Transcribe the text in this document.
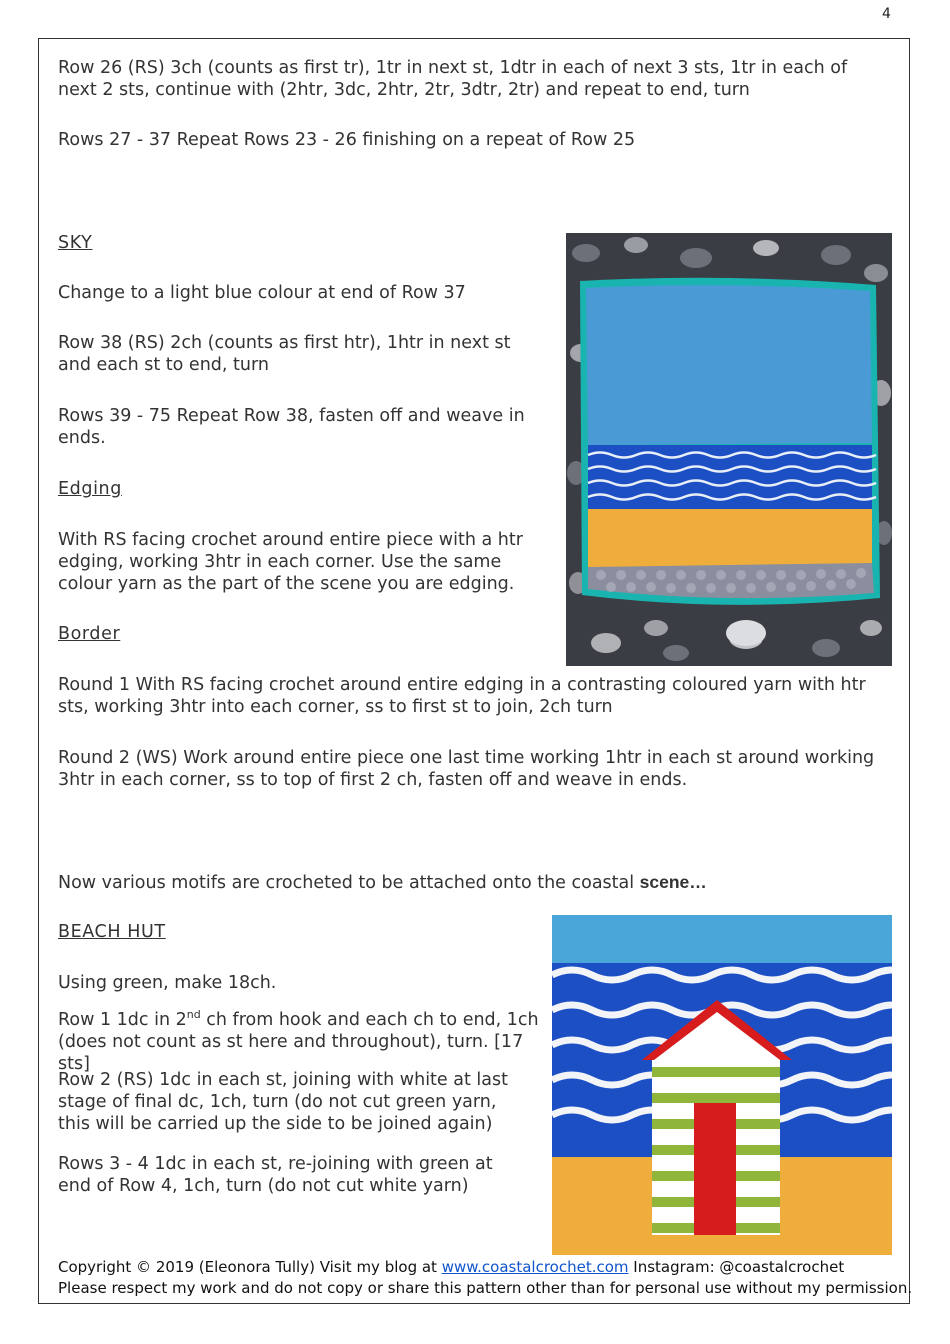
4

Row 26 (RS) 3ch (counts as first tr), 1tr in next st, 1dtr in each of next 3 sts, 1tr in each of next 2 sts, continue with (2htr, 3dc, 2htr, 2tr, 3dtr, 2tr) and repeat to end, turn

Rows 27 - 37 Repeat Rows 23 - 26 finishing on a repeat of Row 25

SKY

Change to a light blue colour at end of Row 37

Row 38 (RS) 2ch (counts as first htr), 1htr in next st and each st to end, turn

Rows 39 - 75 Repeat Row 38, fasten off and weave in ends.

Edging

With RS facing crochet around entire piece with a htr edging, working 3htr in each corner. Use the same colour yarn as the part of the scene you are edging.

Border

Round 1 With RS facing crochet around entire edging in a contrasting coloured yarn with htr sts, working 3htr into each corner, ss to first st to join, 2ch turn

Round 2 (WS) Work around entire piece one last time working 1htr in each st around working 3htr in each corner, ss to top of first 2 ch, fasten off and weave in ends.

Now various motifs are crocheted to be attached onto the coastal scene…

BEACH HUT

Using green, make 18ch.

Row 1 1dc in 2nd ch from hook and each ch to end, 1ch (does not count as st here and throughout), turn. [17 sts]

Row 2 (RS) 1dc in each st, joining with white at last stage of final dc, 1ch, turn (do not cut green yarn, this will be carried up the side to be joined again)

Rows 3 - 4 1dc in each st, re-joining with green at end of Row 4, 1ch, turn (do not cut white yarn)

Copyright © 2019 (Eleonora Tully) Visit my blog at www.coastalcrochet.com Instagram: @coastalcrochet
Please respect my work and do not copy or share this pattern other than for personal use without my permission.
